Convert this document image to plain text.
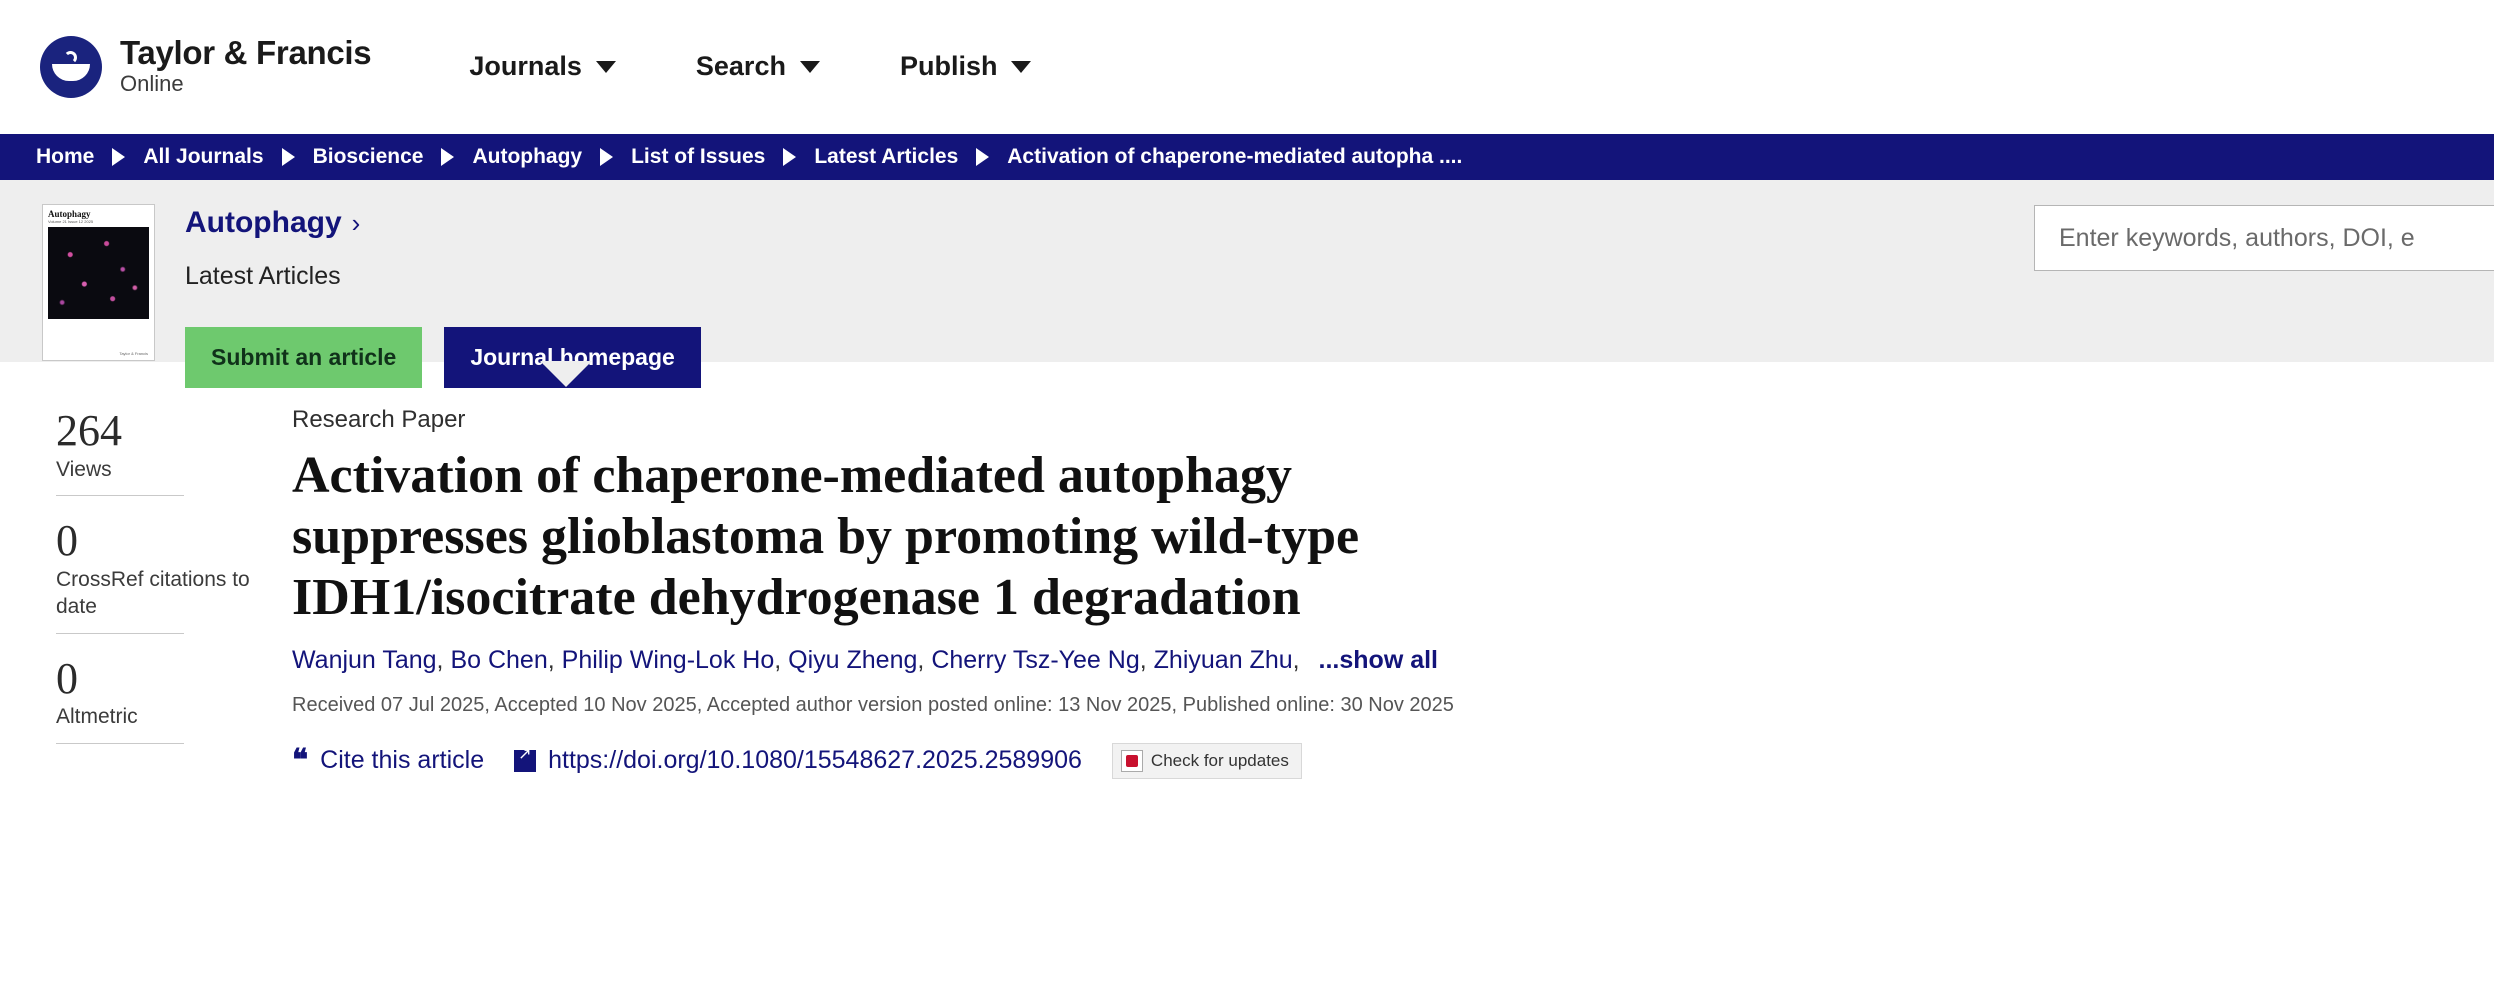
Taylor & Francis
Online
Journals	Search	Publish
Home All Journals Bioscience Autophagy List of Issues Latest Articles Activation of chaperone-mediated autopha ....
Autophagy
Volume 21 Issue 12 2025
Taylor & Francis
Autophagy ›
Latest Articles
Submit an article	Journal homepage
Enter keywords, authors, DOI, e
264
Views
0
CrossRef citations to date
0
Altmetric
Research Paper
Activation of chaperone-mediated autophagy suppresses glioblastoma by promoting wild-type IDH1/isocitrate dehydrogenase 1 degradation
Wanjun Tang, Bo Chen, Philip Wing-Lok Ho, Qiyu Zheng, Cherry Tsz-Yee Ng, Zhiyuan Zhu, ...show all
Received 07 Jul 2025, Accepted 10 Nov 2025, Accepted author version posted online: 13 Nov 2025, Published online: 30 Nov 2025
❝ Cite this article ↗	https://doi.org/10.1080/15548627.2025.2589906	Check for updates
